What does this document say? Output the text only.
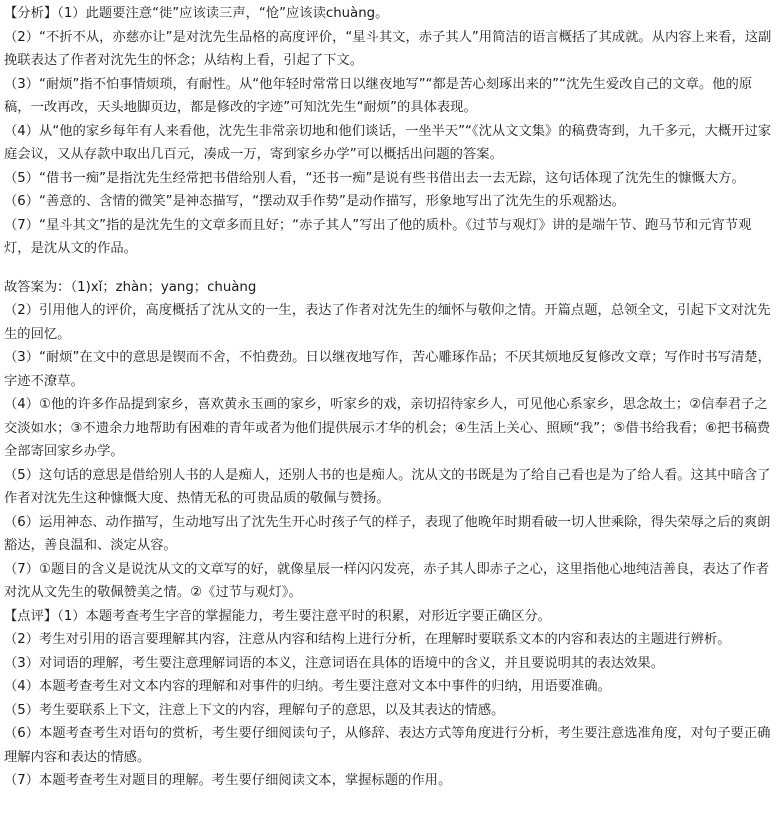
【分析】（1）此题要注意“徙”应该读三声，“怆”应该读chuàng。

（2）“不折不从，亦慈亦让”是对沈先生品格的高度评价，“星斗其文，赤子其人”用简洁的语言概括了其成就。从内容上来看，这副挽联表达了作者对沈先生的怀念；从结构上看，引起了下文。

（3）“耐烦”指不怕事情烦琐，有耐性。从“他年轻时常常日以继夜地写”“都是苦心刻琢出来的”“沈先生爱改自己的文章。他的原稿，一改再改，天头地脚页边，都是修改的字迹”可知沈先生“耐烦”的具体表现。

（4）从“他的家乡每年有人来看他，沈先生非常亲切地和他们谈话，一坐半天”“《沈从文文集》的稿费寄到，九千多元，大概开过家庭会议，又从存款中取出几百元，凑成一万，寄到家乡办学”可以概括出问题的答案。

（5）“借书一痴”是指沈先生经常把书借给别人看，“还书一痴”是说有些书借出去一去无踪，这句话体现了沈先生的慷慨大方。

（6）“善意的、含情的微笑”是神态描写，“摆动双手作势”是动作描写，形象地写出了沈先生的乐观豁达。

（7）“星斗其文”指的是沈先生的文章多而且好；“赤子其人”写出了他的质朴。《过节与观灯》讲的是端午节、跑马节和元宵节观灯，是沈从文的作品。

故答案为：（1)xǐ；zhàn；yang；chuàng

（2）引用他人的评价，高度概括了沈从文的一生，表达了作者对沈先生的缅怀与敬仰之情。开篇点题，总领全文，引起下文对沈先生的回忆。

（3）“耐烦”在文中的意思是锲而不舍，不怕费劲。日以继夜地写作，苦心雕琢作品；不厌其烦地反复修改文章；写作时书写清楚，字迹不潦草。

（4）①他的许多作品提到家乡，喜欢黄永玉画的家乡，听家乡的戏，亲切招待家乡人，可见他心系家乡，思念故土；②信奉君子之交淡如水；③不遗余力地帮助有困难的青年或者为他们提供展示才华的机会；④生活上关心、照顾“我”；⑤借书给我看；⑥把书稿费全部寄回家乡办学。

（5）这句话的意思是借给别人书的人是痴人，还别人书的也是痴人。沈从文的书既是为了给自己看也是为了给人看。这其中暗含了作者对沈先生这种慷慨大度、热情无私的可贵品质的敬佩与赞扬。

（6）运用神态、动作描写，生动地写出了沈先生开心时孩子气的样子，表现了他晚年时期看破一切人世乘除，得失荣辱之后的爽朗豁达，善良温和、淡定从容。

（7）①题目的含义是说沈从文的文章写的好，就像星辰一样闪闪发亮，赤子其人即赤子之心，这里指他心地纯洁善良，表达了作者对沈从文先生的敬佩赞美之情。②《过节与观灯》。

【点评】（1）本题考查考生字音的掌握能力，考生要注意平时的积累，对形近字要正确区分。

（2）考生对引用的语言要理解其内容，注意从内容和结构上进行分析，在理解时要联系文本的内容和表达的主题进行辨析。

（3）对词语的理解，考生要注意理解词语的本义，注意词语在具体的语境中的含义，并且要说明其的表达效果。

（4）本题考查考生对文本内容的理解和对事件的归纳。考生要注意对文本中事件的归纳，用语要准确。

（5）考生要联系上下文，注意上下文的内容，理解句子的意思，以及其表达的情感。

（6）本题考查考生对语句的赏析，考生要仔细阅读句子，从修辞、表达方式等角度进行分析，考生要注意选准角度，对句子要正确理解内容和表达的情感。

（7）本题考查考生对题目的理解。考生要仔细阅读文本，掌握标题的作用。
